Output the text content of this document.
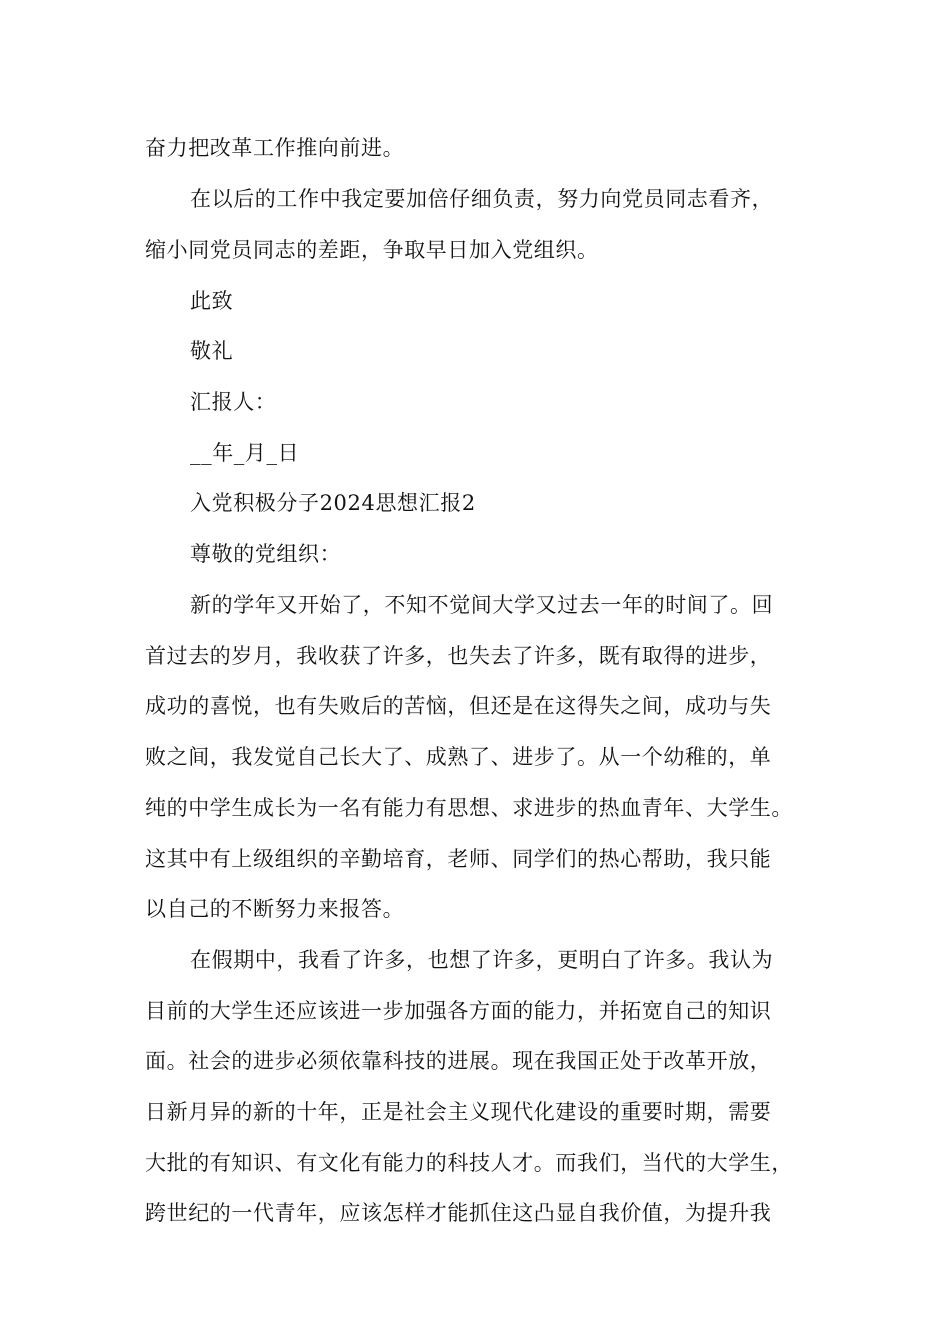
奋力把改革工作推向前进。
在以后的工作中我定要加倍仔细负责，努力向党员同志看齐，
缩小同党员同志的差距，争取早日加入党组织。
此致
敬礼
汇报人：
__年_月_日
入党积极分子2024思想汇报2
尊敬的党组织：
新的学年又开始了，不知不觉间大学又过去一年的时间了。回
首过去的岁月，我收获了许多，也失去了许多，既有取得的进步，
成功的喜悦，也有失败后的苦恼，但还是在这得失之间，成功与失
败之间，我发觉自己长大了、成熟了、进步了。从一个幼稚的，单
纯的中学生成长为一名有能力有思想、求进步的热血青年、大学生。
这其中有上级组织的辛勤培育，老师、同学们的热心帮助，我只能
以自己的不断努力来报答。
在假期中，我看了许多，也想了许多，更明白了许多。我认为
目前的大学生还应该进一步加强各方面的能力，并拓宽自己的知识
面。社会的进步必须依靠科技的进展。现在我国正处于改革开放，
日新月异的新的十年，正是社会主义现代化建设的重要时期，需要
大批的有知识、有文化有能力的科技人才。而我们，当代的大学生，
跨世纪的一代青年，应该怎样才能抓住这凸显自我价值，为提升我
